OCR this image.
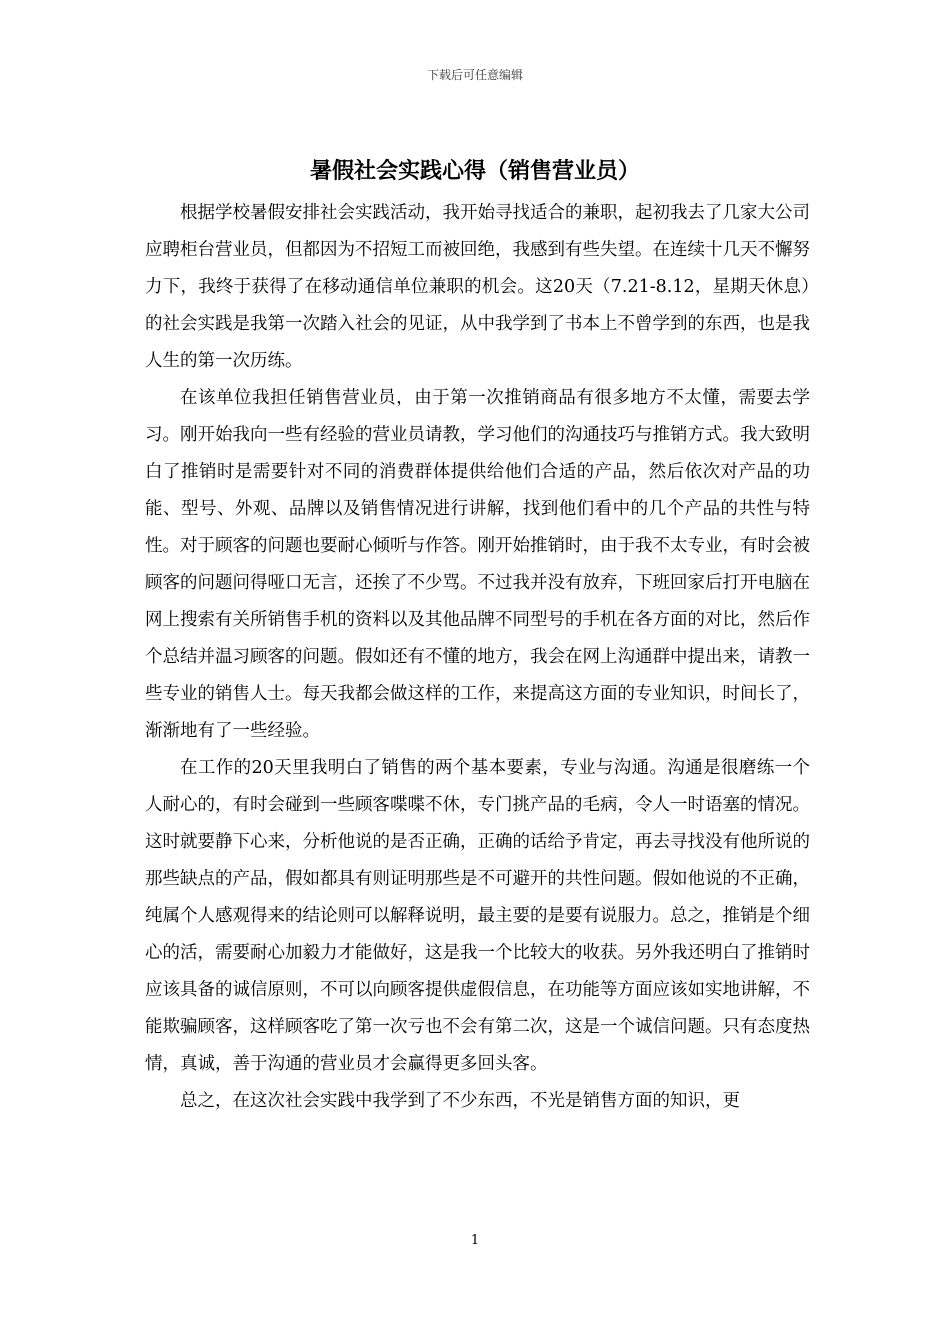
下载后可任意编辑
暑假社会实践心得（销售营业员）

根据学校暑假安排社会实践活动，我开始寻找适合的兼职，起初我去了几家大公司应聘柜台营业员，但都因为不招短工而被回绝，我感到有些失望。在连续十几天不懈努力下，我终于获得了在移动通信单位兼职的机会。这20天（7.21-8.12，星期天休息）的社会实践是我第一次踏入社会的见证，从中我学到了书本上不曾学到的东西，也是我人生的第一次历练。

在该单位我担任销售营业员，由于第一次推销商品有很多地方不太懂，需要去学习。刚开始我向一些有经验的营业员请教，学习他们的沟通技巧与推销方式。我大致明白了推销时是需要针对不同的消费群体提供给他们合适的产品，然后依次对产品的功能、型号、外观、品牌以及销售情况进行讲解，找到他们看中的几个产品的共性与特性。对于顾客的问题也要耐心倾听与作答。刚开始推销时，由于我不太专业，有时会被顾客的问题问得哑口无言，还挨了不少骂。不过我并没有放弃，下班回家后打开电脑在网上搜索有关所销售手机的资料以及其他品牌不同型号的手机在各方面的对比，然后作个总结并温习顾客的问题。假如还有不懂的地方，我会在网上沟通群中提出来，请教一些专业的销售人士。每天我都会做这样的工作，来提高这方面的专业知识，时间长了，渐渐地有了一些经验。

在工作的20天里我明白了销售的两个基本要素，专业与沟通。沟通是很磨练一个人耐心的，有时会碰到一些顾客喋喋不休，专门挑产品的毛病，令人一时语塞的情况。这时就要静下心来，分析他说的是否正确，正确的话给予肯定，再去寻找没有他所说的那些缺点的产品，假如都具有则证明那些是不可避开的共性问题。假如他说的不正确，纯属个人感观得来的结论则可以解释说明，最主要的是要有说服力。总之，推销是个细心的活，需要耐心加毅力才能做好，这是我一个比较大的收获。另外我还明白了推销时应该具备的诚信原则，不可以向顾客提供虚假信息，在功能等方面应该如实地讲解，不能欺骗顾客，这样顾客吃了第一次亏也不会有第二次，这是一个诚信问题。只有态度热情，真诚，善于沟通的营业员才会赢得更多回头客。

总之，在这次社会实践中我学到了不少东西，不光是销售方面的知识，更

1
